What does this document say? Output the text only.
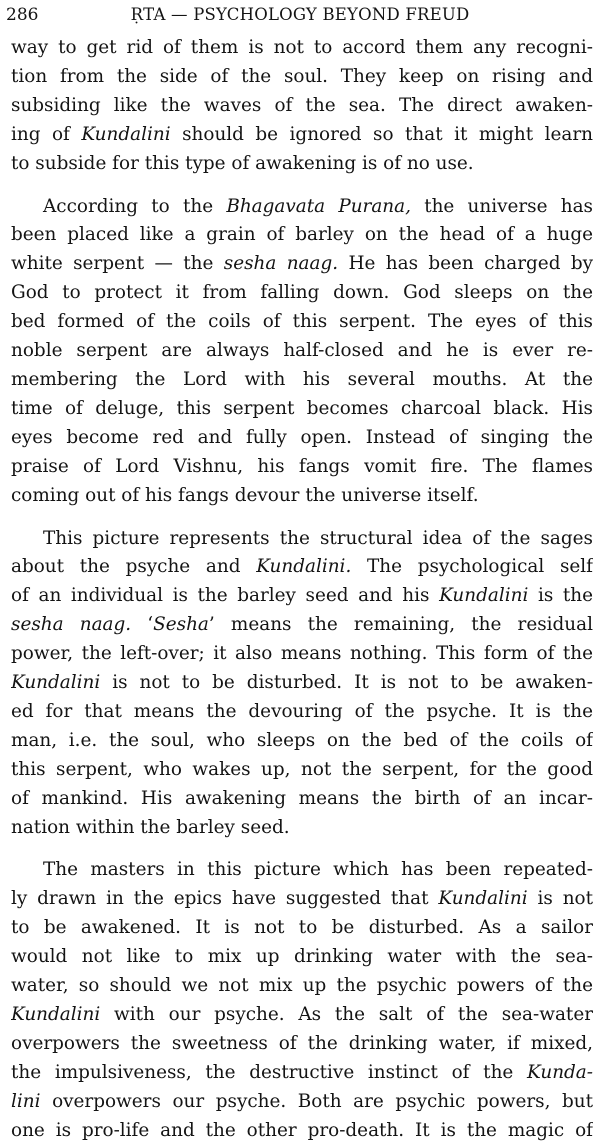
286	ṚTA — PSYCHOLOGY BEYOND FREUD

way to get rid of them is not to accord them any recogni-
tion from the side of the soul. They keep on rising and
subsiding like the waves of the sea. The direct awaken-
ing of Kundalini should be ignored so that it might learn
to subside for this type of awakening is of no use.

According to the Bhagavata Purana, the universe has
been placed like a grain of barley on the head of a huge
white serpent — the sesha naag. He has been charged by
God to protect it from falling down. God sleeps on the
bed formed of the coils of this serpent. The eyes of this
noble serpent are always half-closed and he is ever re-
membering the Lord with his several mouths. At the
time of deluge, this serpent becomes charcoal black. His
eyes become red and fully open. Instead of singing the
praise of Lord Vishnu, his fangs vomit fire. The flames
coming out of his fangs devour the universe itself.

This picture represents the structural idea of the sages
about the psyche and Kundalini. The psychological self
of an individual is the barley seed and his Kundalini is the
sesha naag. ‘Sesha’ means the remaining, the residual
power, the left-over; it also means nothing. This form of the
Kundalini is not to be disturbed. It is not to be awaken-
ed for that means the devouring of the psyche. It is the
man, i.e. the soul, who sleeps on the bed of the coils of
this serpent, who wakes up, not the serpent, for the good
of mankind. His awakening means the birth of an incar-
nation within the barley seed.

The masters in this picture which has been repeated-
ly drawn in the epics have suggested that Kundalini is not
to be awakened. It is not to be disturbed. As a sailor
would not like to mix up drinking water with the sea-
water, so should we not mix up the psychic powers of the
Kundalini with our psyche. As the salt of the sea-water
overpowers the sweetness of the drinking water, if mixed,
the impulsiveness, the destructive instinct of the Kunda-
lini overpowers our psyche. Both are psychic powers, but
one is pro-life and the other pro-death. It is the magic of
